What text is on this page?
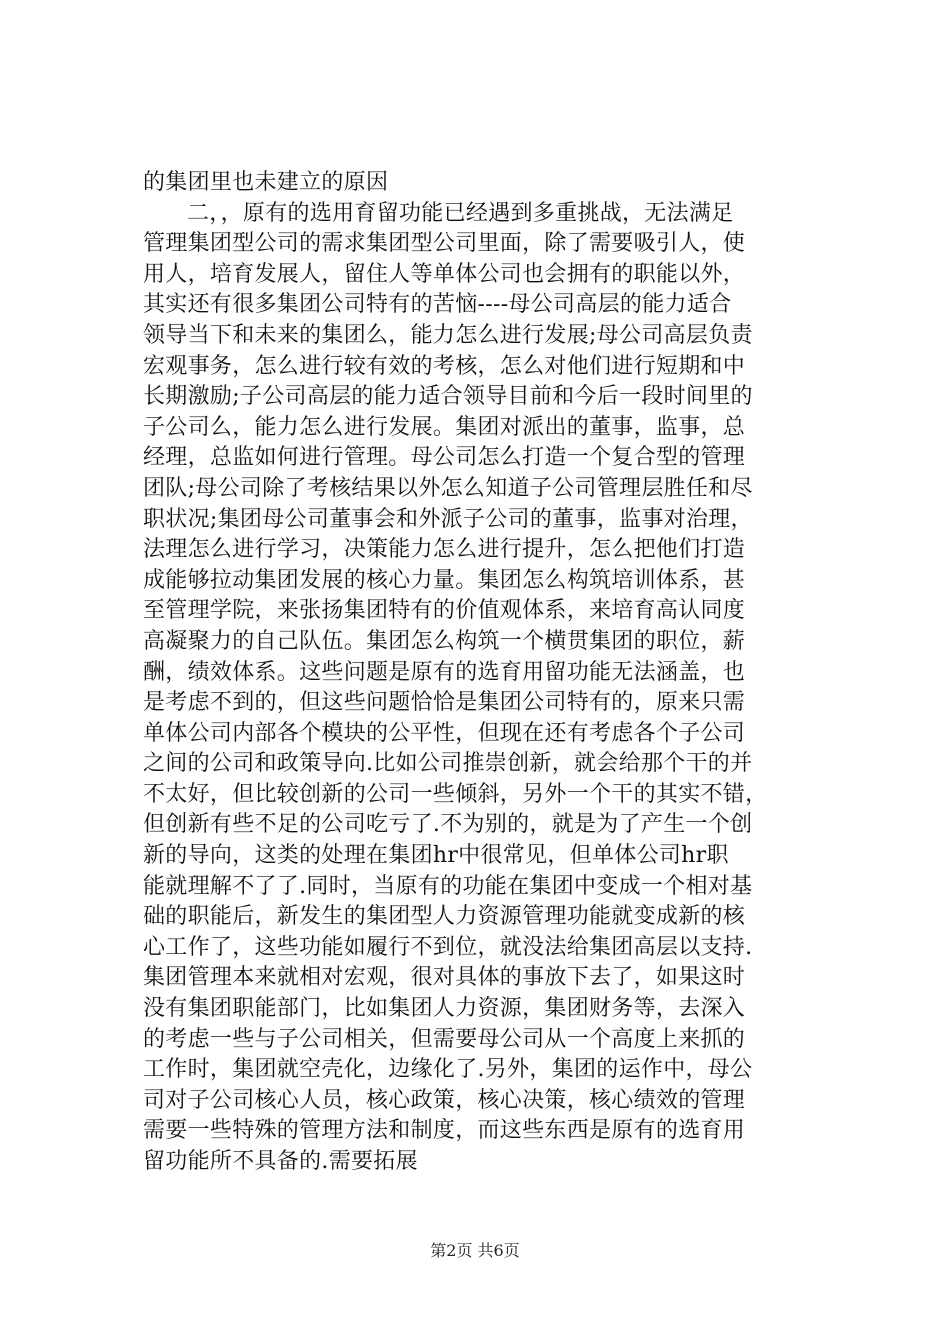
的集团里也未建立的原因
二，，原有的选用育留功能已经遇到多重挑战，无法满足
管理集团型公司的需求集团型公司里面，除了需要吸引人，使
用人，培育发展人，留住人等单体公司也会拥有的职能以外，
其实还有很多集团公司特有的苦恼----母公司高层的能力适合
领导当下和未来的集团么，能力怎么进行发展;母公司高层负责
宏观事务，怎么进行较有效的考核，怎么对他们进行短期和中
长期激励;子公司高层的能力适合领导目前和今后一段时间里的
子公司么，能力怎么进行发展。集团对派出的董事，监事，总
经理，总监如何进行管理。母公司怎么打造一个复合型的管理
团队;母公司除了考核结果以外怎么知道子公司管理层胜任和尽
职状况;集团母公司董事会和外派子公司的董事，监事对治理，
法理怎么进行学习，决策能力怎么进行提升，怎么把他们打造
成能够拉动集团发展的核心力量。集团怎么构筑培训体系，甚
至管理学院，来张扬集团特有的价值观体系，来培育高认同度
高凝聚力的自己队伍。集团怎么构筑一个横贯集团的职位，薪
酬，绩效体系。这些问题是原有的选育用留功能无法涵盖，也
是考虑不到的，但这些问题恰恰是集团公司特有的，原来只需
单体公司内部各个模块的公平性，但现在还有考虑各个子公司
之间的公司和政策导向.比如公司推崇创新，就会给那个干的并
不太好，但比较创新的公司一些倾斜，另外一个干的其实不错，
但创新有些不足的公司吃亏了.不为别的，就是为了产生一个创
新的导向，这类的处理在集团hr中很常见，但单体公司hr职
能就理解不了了.同时，当原有的功能在集团中变成一个相对基
础的职能后，新发生的集团型人力资源管理功能就变成新的核
心工作了，这些功能如履行不到位，就没法给集团高层以支持.
集团管理本来就相对宏观，很对具体的事放下去了，如果这时
没有集团职能部门，比如集团人力资源，集团财务等，去深入
的考虑一些与子公司相关，但需要母公司从一个高度上来抓的
工作时，集团就空壳化，边缘化了.另外，集团的运作中，母公
司对子公司核心人员，核心政策，核心决策，核心绩效的管理
需要一些特殊的管理方法和制度，而这些东西是原有的选育用
留功能所不具备的.需要拓展
第2页 共6页
